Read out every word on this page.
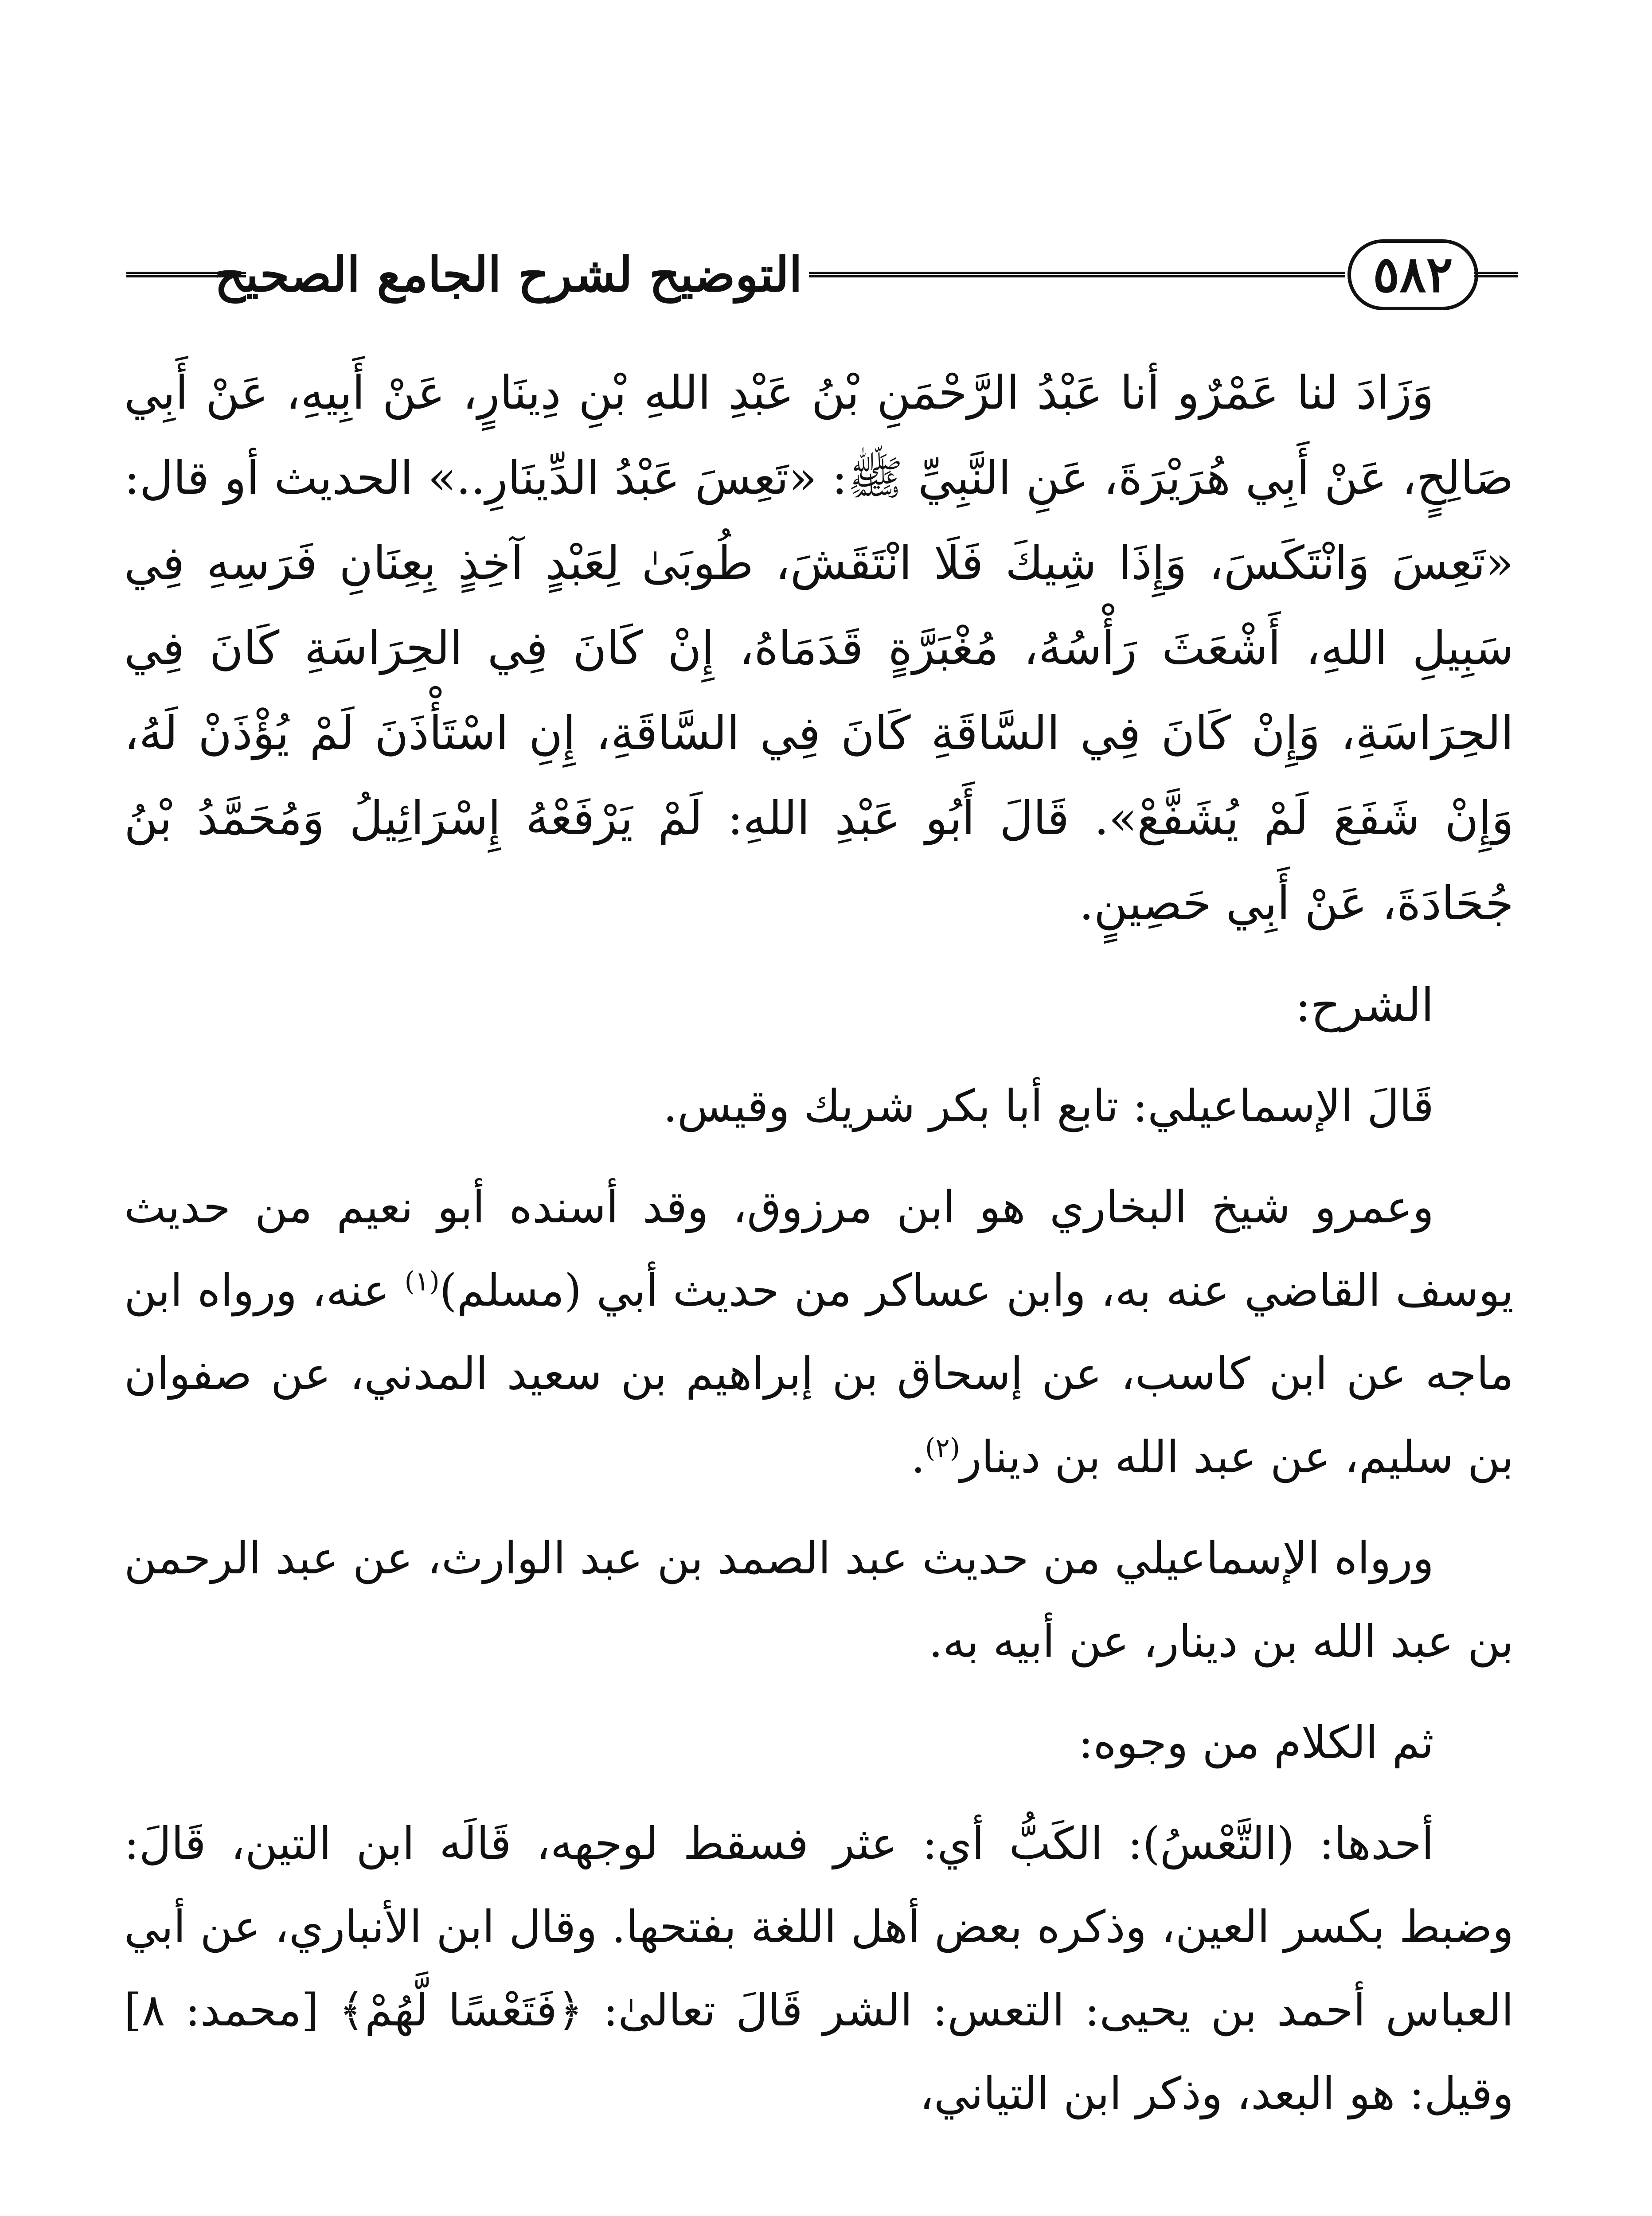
التوضيح لشرح الجامع الصحيح	٥٨٢

وَزَادَ لنا عَمْرٌو أنا عَبْدُ الرَّحْمَنِ بْنُ عَبْدِ اللهِ بْنِ دِينَارٍ، عَنْ أَبِيهِ، عَنْ أَبِي صَالِحٍ، عَنْ أَبِي هُرَيْرَةَ، عَنِ النَّبِيِّ ﷺ: «تَعِسَ عَبْدُ الدِّينَارِ..» الحديث أو قال: «تَعِسَ وَانْتَكَسَ، وَإِذَا شِيكَ فَلَا انْتَقَشَ، طُوبَىٰ لِعَبْدٍ آخِذٍ بِعِنَانِ فَرَسِهِ فِي سَبِيلِ اللهِ، أَشْعَثَ رَأْسُهُ، مُغْبَرَّةٍ قَدَمَاهُ، إِنْ كَانَ فِي الحِرَاسَةِ كَانَ فِي الحِرَاسَةِ، وَإِنْ كَانَ فِي السَّاقَةِ كَانَ فِي السَّاقَةِ، إِنِ اسْتَأْذَنَ لَمْ يُؤْذَنْ لَهُ، وَإِنْ شَفَعَ لَمْ يُشَفَّعْ». قَالَ أَبُو عَبْدِ اللهِ: لَمْ يَرْفَعْهُ إِسْرَائِيلُ وَمُحَمَّدُ بْنُ جُحَادَةَ، عَنْ أَبِي حَصِينٍ.

الشرح:

قَالَ الإسماعيلي: تابع أبا بكر شريك وقيس.

وعمرو شيخ البخاري هو ابن مرزوق، وقد أسنده أبو نعيم من حديث يوسف القاضي عنه به، وابن عساكر من حديث أبي (مسلم)$^{(١)}$ عنه، ورواه ابن ماجه عن ابن كاسب، عن إسحاق بن إبراهيم بن سعيد المدني، عن صفوان بن سليم، عن عبد الله بن دينار$^{(٢)}$.

ورواه الإسماعيلي من حديث عبد الصمد بن عبد الوارث، عن عبد الرحمن بن عبد الله بن دينار، عن أبيه به.

ثم الكلام من وجوه:

أحدها: (التَّعْسُ): الكَبُّ أي: عثر فسقط لوجهه، قَالَه ابن التين، قَالَ: وضبط بكسر العين، وذكره بعض أهل اللغة بفتحها. وقال ابن الأنباري، عن أبي العباس أحمد بن يحيى: التعس: الشر قَالَ تعالىٰ: ﴿فَتَعْسًا لَّهُمْ﴾ [محمد: ٨] وقيل: هو البعد، وذكر ابن التياني،
